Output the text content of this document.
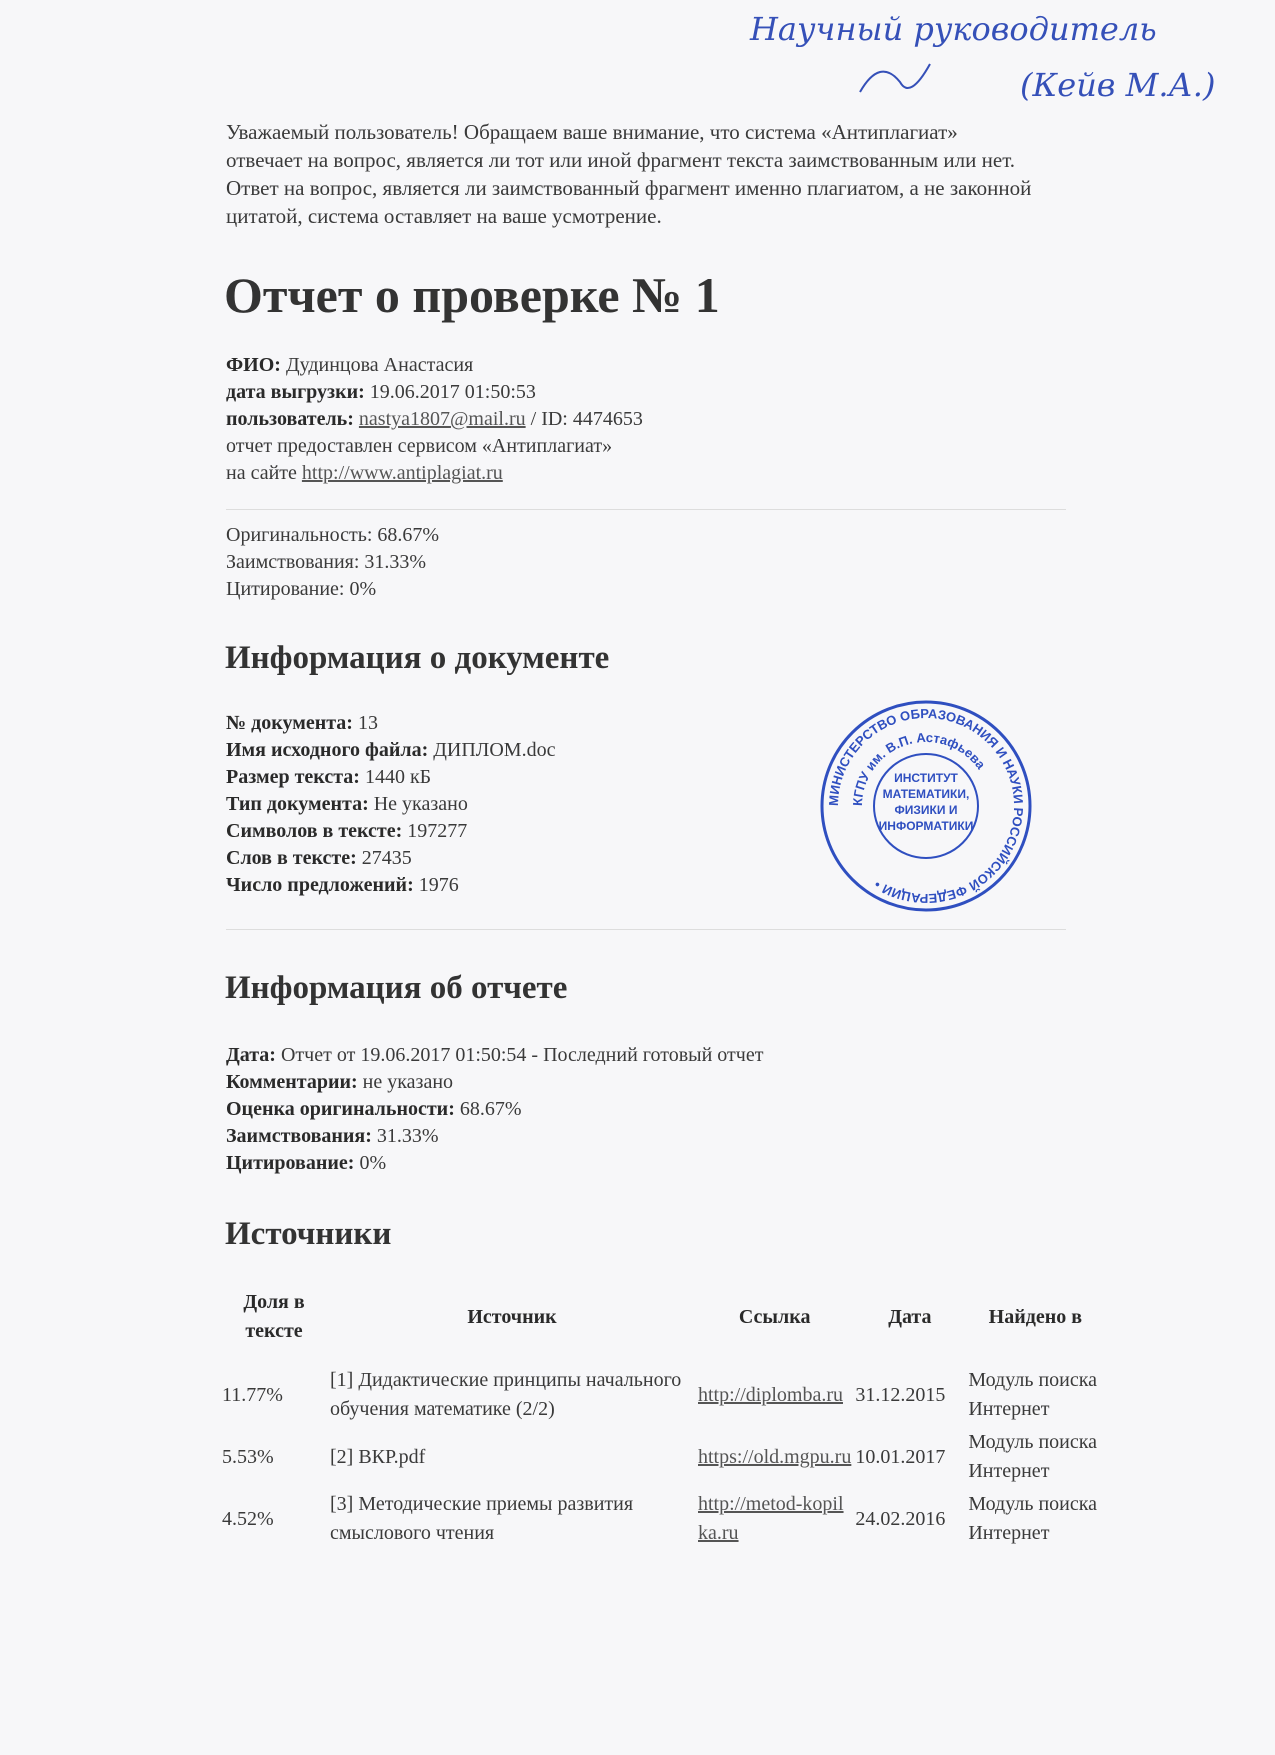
Уважаемый пользователь! Обращаем ваше внимание, что система «Антиплагиат»
отвечает на вопрос, является ли тот или иной фрагмент текста заимствованным или нет.
Ответ на вопрос, является ли заимствованный фрагмент именно плагиатом, а не законной
цитатой, система оставляет на ваше усмотрение.
Отчет о проверке № 1
ФИО: Дудинцова Анастасия
дата выгрузки: 19.06.2017 01:50:53
пользователь: nastya1807@mail.ru / ID: 4474653
отчет предоставлен сервисом «Антиплагиат»
на сайте http://www.antiplagiat.ru
Оригинальность: 68.67%
Заимствования: 31.33%
Цитирование: 0%
Информация о документе
№ документа: 13
Имя исходного файла: ДИПЛОМ.doc
Размер текста: 1440 кБ
Тип документа: Не указано
Символов в тексте: 197277
Слов в тексте: 27435
Число предложений: 1976
Информация об отчете
Дата: Отчет от 19.06.2017 01:50:54 - Последний готовый отчет
Комментарии: не указано
Оценка оригинальности: 68.67%
Заимствования: 31.33%
Цитирование: 0%
Источники
Доля в тексте	Источник	Ссылка	Дата	Найдено в
11.77%	[1] Дидактические принципы начального обучения математике (2/2)	http://diplomba.ru	31.12.2015	Модуль поиска Интернет
5.53%	[2] ВКР.pdf	https://old.mgpu.ru	10.01.2017	Модуль поиска Интернет
4.52%	[3] Методические приемы развития смыслового чтения	http://metod-kopilka.ru	24.02.2016	Модуль поиска Интернет
МИНИСТЕРСТВО ОБРАЗОВАНИЯ И НАУКИ РОССИЙСКОЙ ФЕДЕРАЦИИ •
КГПУ им. В.П. Астафьева
ИНСТИТУТ
МАТЕМАТИКИ,
ФИЗИКИ И
ИНФОРМАТИКИ
Научный руководитель
(Кейв М.А.)
